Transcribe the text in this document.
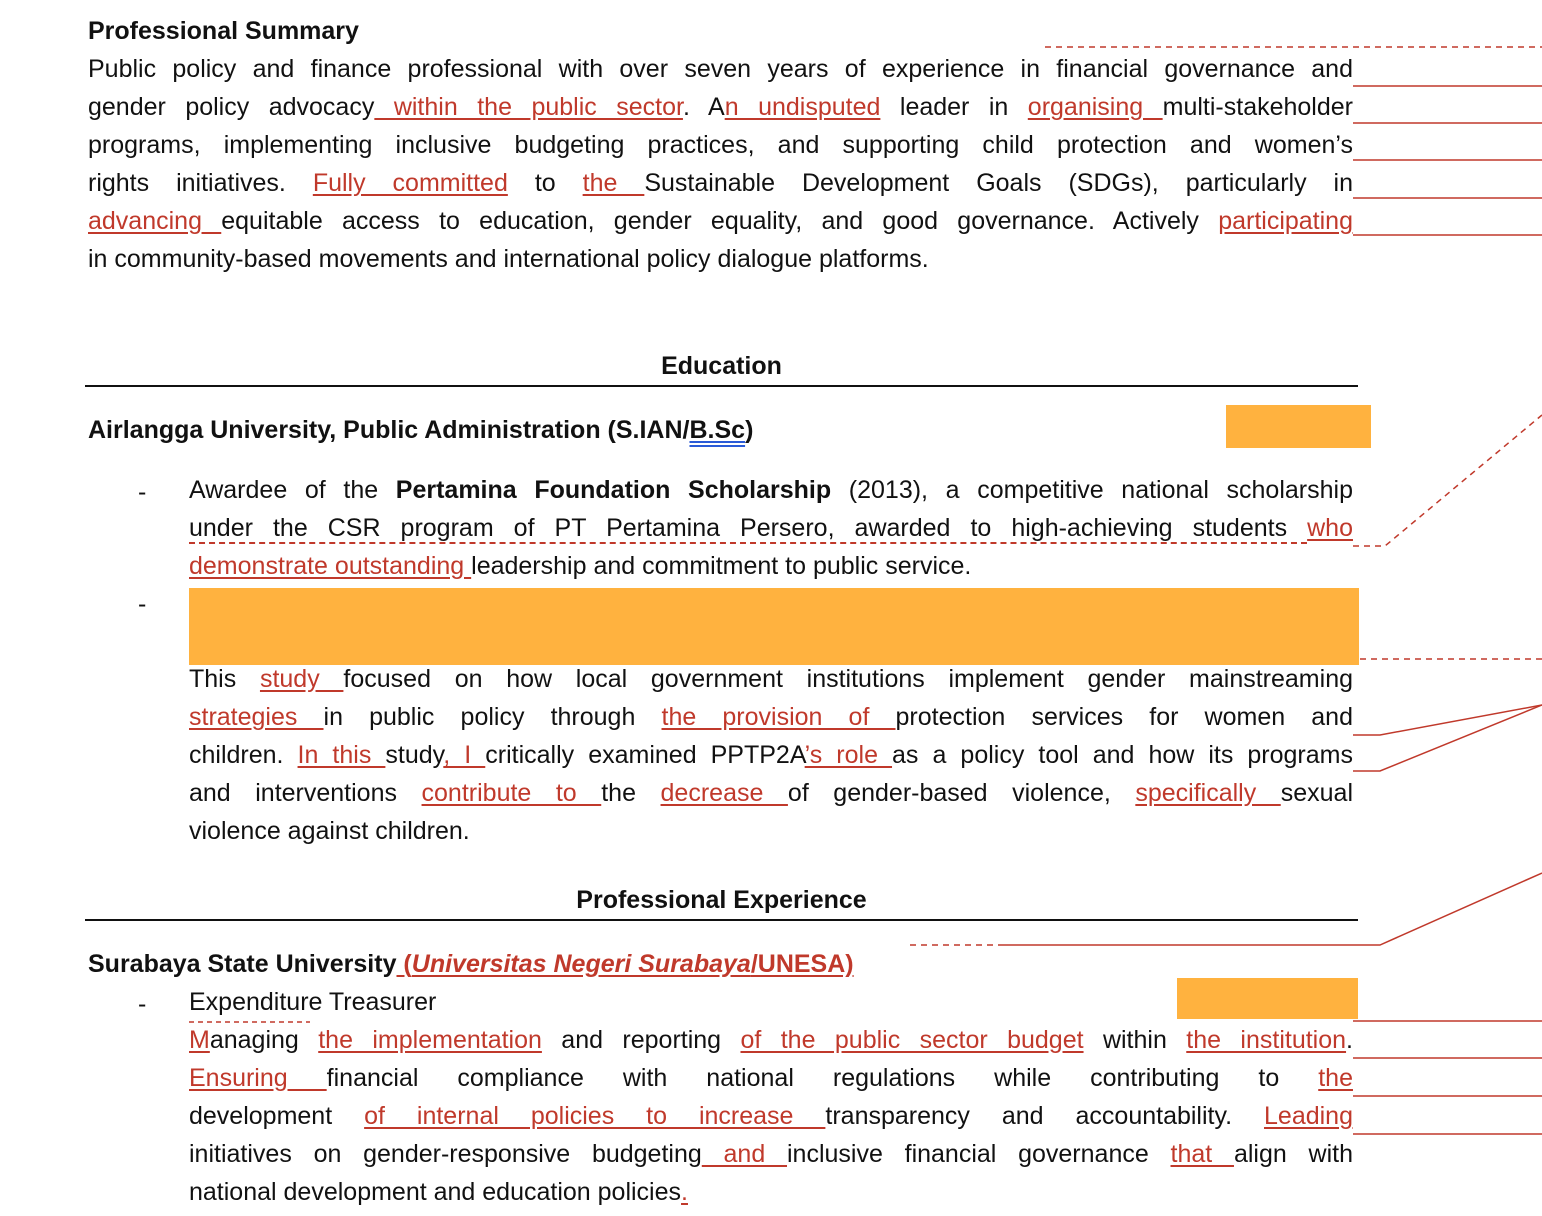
Professional Summary
Public policy and finance professional with over seven years of experience in financial governance and
gender policy advocacy within the public sector. An undisputed leader in organising multi-stakeholder
programs, implementing inclusive budgeting practices, and supporting child protection and women’s
rights initiatives. Fully committed to the Sustainable Development Goals (SDGs), particularly in
advancing equitable access to education, gender equality, and good governance. Actively participating
in community-based movements and international policy dialogue platforms.
Education
Airlangga University, Public Administration (S.IAN/B.Sc)
- Awardee of the Pertamina Foundation Scholarship (2013), a competitive national scholarship
under the CSR program of PT Pertamina Persero, awarded to high-achieving students who
demonstrate outstanding leadership and commitment to public service.
-
This study focused on how local government institutions implement gender mainstreaming
strategies in public policy through the provision of protection services for women and
children. In this study, I critically examined PPTP2A’s role as a policy tool and how its programs
and interventions contribute to the decrease of gender-based violence, specifically sexual
violence against children.
Professional Experience
Surabaya State University (Universitas Negeri Surabaya/UNESA)
- Expenditure Treasurer
Managing the implementation and reporting of the public sector budget within the institution.
Ensuring financial compliance with national regulations while contributing to the
development of internal policies to increase transparency and accountability. Leading
initiatives on gender-responsive budgeting and inclusive financial governance that align with
national development and education policies.
